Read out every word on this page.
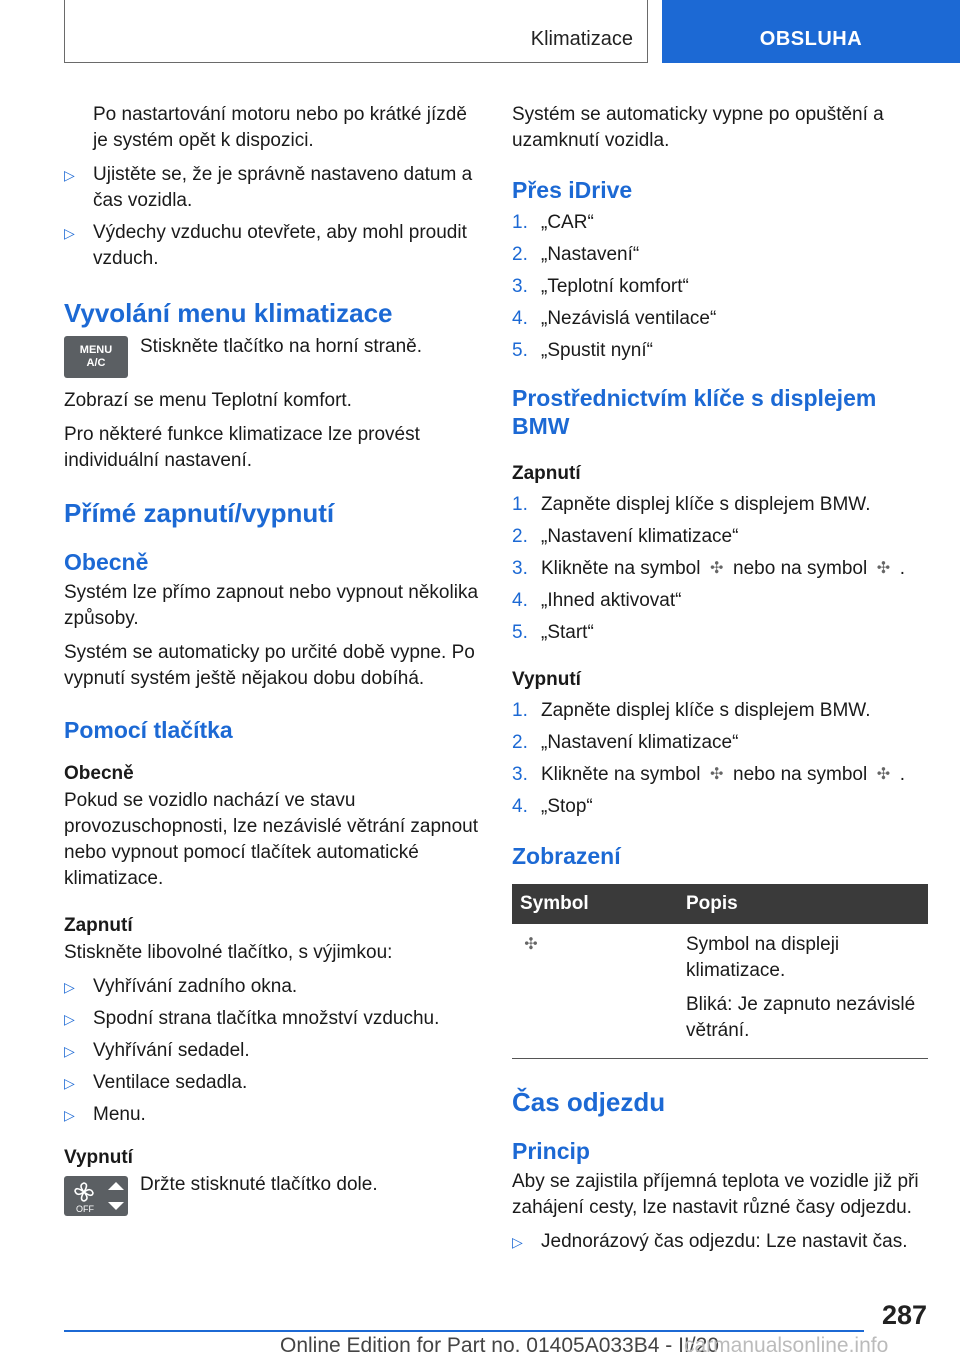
Klimatizace	OBSLUHA

Po nastartování motoru nebo po krátké jízdě je systém opět k dispozici.

▷ Ujistěte se, že je správně nastaveno datum a čas vozidla.
▷ Výdechy vzduchu otevřete, aby mohl proudit vzduch.
Vyvolání menu klimatizace
MENU
A/C

Stiskněte tlačítko na horní straně.

Zobrazí se menu Teplotní komfort.

Pro některé funkce klimatizace lze provést individuální nastavení.

Přímé zapnutí/vypnutí
Obecně

Systém lze přímo zapnout nebo vypnout několika způsoby.

Systém se automaticky po určité době vypne. Po vypnutí systém ještě nějakou dobu dobíhá.

Pomocí tlačítka
Obecně

Pokud se vozidlo nachází ve stavu provozuschopnosti, lze nezávislé větrání zapnout nebo vypnout pomocí tlačítek automatické klimatizace.

Zapnutí

Stiskněte libovolné tlačítko, s výjimkou:

▷ Vyhřívání zadního okna.
▷ Spodní strana tlačítka množství vzduchu.
▷ Vyhřívání sedadel.
▷ Ventilace sedadla.
▷ Menu.
Vypnutí
OFF

Držte stisknuté tlačítko dole.

Systém se automaticky vypne po opuštění a uzamknutí vozidla.

Přes iDrive
1. „CAR“
2. „Nastavení“
3. „Teplotní komfort“
4. „Nezávislá ventilace“
5. „Spustit nyní“
Prostřednictvím klíče s displejem BMW
Zapnutí
1. Zapněte displej klíče s displejem BMW.
2. „Nastavení klimatizace“
3. Klikněte na symbol ✣ nebo na symbol ✣ .
4. „Ihned aktivovat“
5. „Start“
Vypnutí
1. Zapněte displej klíče s displejem BMW.
2. „Nastavení klimatizace“
3. Klikněte na symbol ✣ nebo na symbol ✣ .
4. „Stop“
Zobrazení
Symbol	Popis
✣	Symbol na displeji klimatizace.

Bliká: Je zapnuto nezávislé větrání.

Čas odjezdu
Princip

Aby se zajistila příjemná teplota ve vozidle již při zahájení cesty, lze nastavit různé časy odjezdu.

▷ Jednorázový čas odjezdu: Lze nastavit čas.
287
Online Edition for Part no. 01405A033B4 - II/20
carmanualsonline.info
